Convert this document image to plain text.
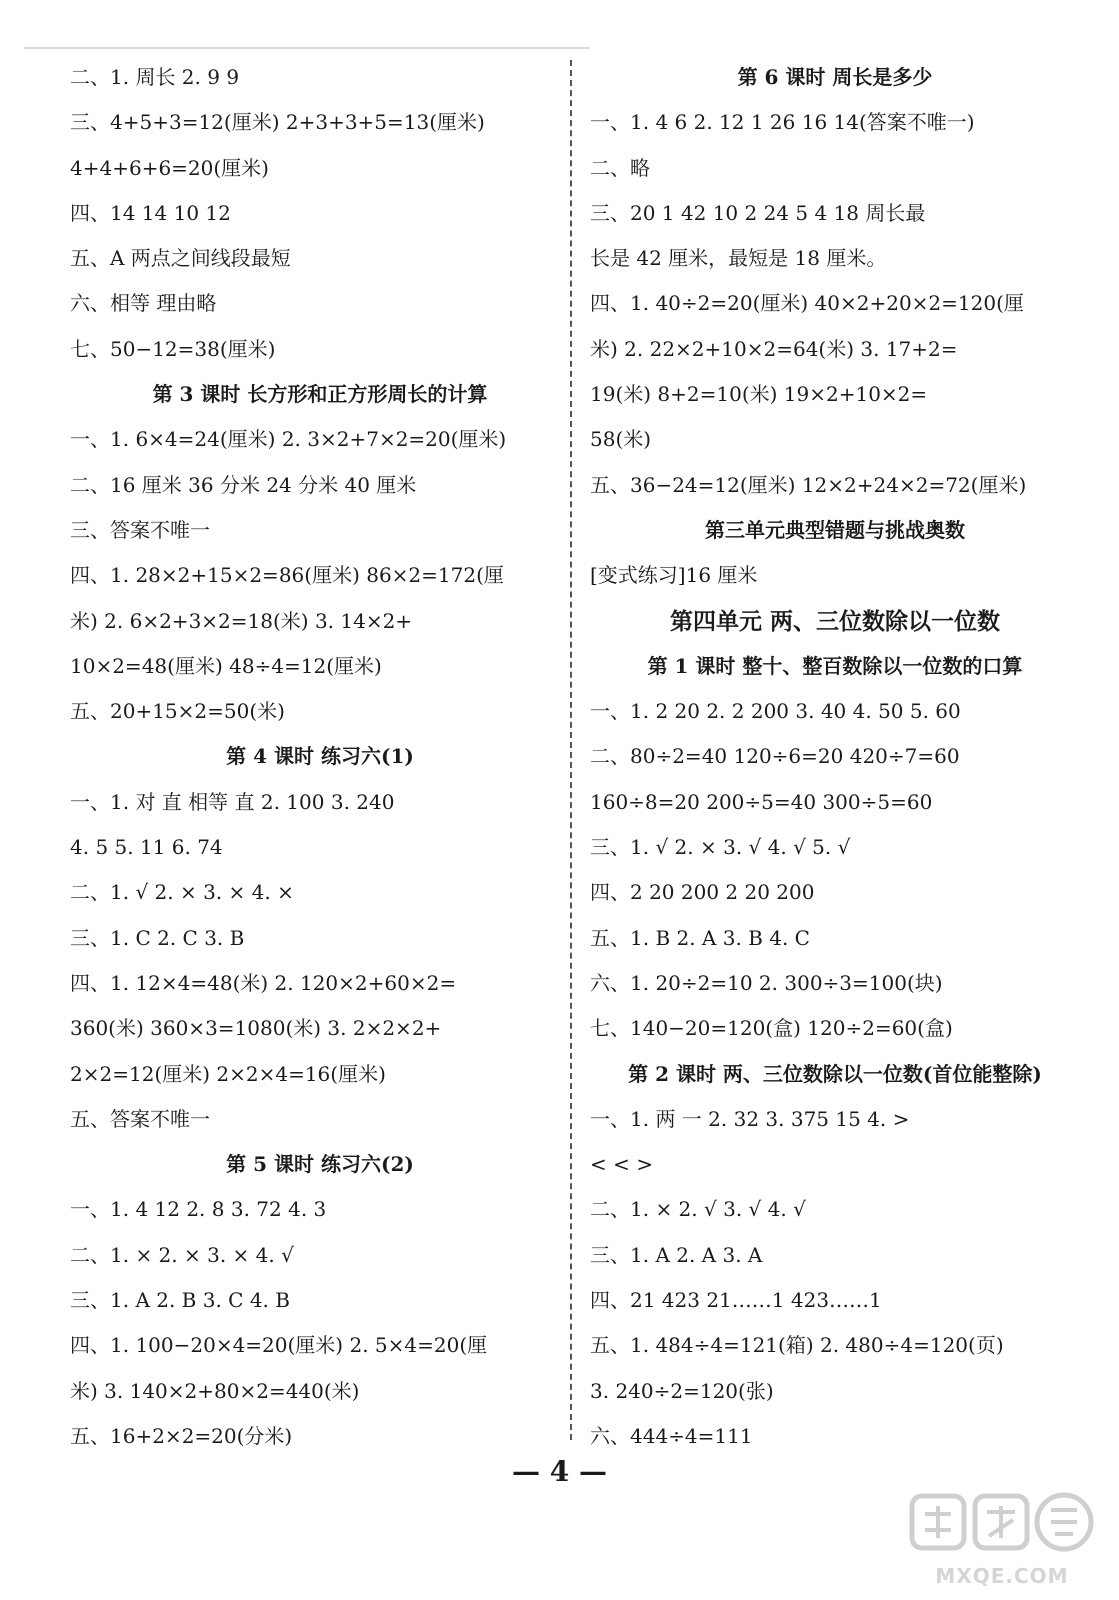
二、1. 周长 2. 9 9
三、4+5+3=12(厘米) 2+3+3+5=13(厘米)
4+4+6+6=20(厘米)
四、14 14 10 12
五、A 两点之间线段最短
六、相等 理由略
七、50−12=38(厘米)
第 3 课时 长方形和正方形周长的计算
一、1. 6×4=24(厘米) 2. 3×2+7×2=20(厘米)
二、16 厘米 36 分米 24 分米 40 厘米
三、答案不唯一
四、1. 28×2+15×2=86(厘米) 86×2=172(厘
米) 2. 6×2+3×2=18(米) 3. 14×2+
10×2=48(厘米) 48÷4=12(厘米)
五、20+15×2=50(米)
第 4 课时 练习六(1)
一、1. 对 直 相等 直 2. 100 3. 240
4. 5 5. 11 6. 74
二、1. √ 2. × 3. × 4. ×
三、1. C 2. C 3. B
四、1. 12×4=48(米) 2. 120×2+60×2=
360(米) 360×3=1080(米) 3. 2×2×2+
2×2=12(厘米) 2×2×4=16(厘米)
五、答案不唯一
第 5 课时 练习六(2)
一、1. 4 12 2. 8 3. 72 4. 3
二、1. × 2. × 3. × 4. √
三、1. A 2. B 3. C 4. B
四、1. 100−20×4=20(厘米) 2. 5×4=20(厘
米) 3. 140×2+80×2=440(米)
五、16+2×2=20(分米)
第 6 课时 周长是多少
一、1. 4 6 2. 12 1 26 16 14(答案不唯一)
二、略
三、20 1 42 10 2 24 5 4 18 周长最
长是 42 厘米，最短是 18 厘米。
四、1. 40÷2=20(厘米) 40×2+20×2=120(厘
米) 2. 22×2+10×2=64(米) 3. 17+2=
19(米) 8+2=10(米) 19×2+10×2=
58(米)
五、36−24=12(厘米) 12×2+24×2=72(厘米)
第三单元典型错题与挑战奥数
[变式练习]16 厘米
第四单元 两、三位数除以一位数
第 1 课时 整十、整百数除以一位数的口算
一、1. 2 20 2. 2 200 3. 40 4. 50 5. 60
二、80÷2=40 120÷6=20 420÷7=60
160÷8=20 200÷5=40 300÷5=60
三、1. √ 2. × 3. √ 4. √ 5. √
四、2 20 200 2 20 200
五、1. B 2. A 3. B 4. C
六、1. 20÷2=10 2. 300÷3=100(块)
七、140−20=120(盒) 120÷2=60(盒)
第 2 课时 两、三位数除以一位数(首位能整除)
一、1. 两 一 2. 32 3. 375 15 4. >
< < >
二、1. × 2. √ 3. √ 4. √
三、1. A 2. A 3. A
四、21 423 21……1 423……1
五、1. 484÷4=121(箱) 2. 480÷4=120(页)
3. 240÷2=120(张)
六、444÷4=111
— 4 —
MXQE.COM
